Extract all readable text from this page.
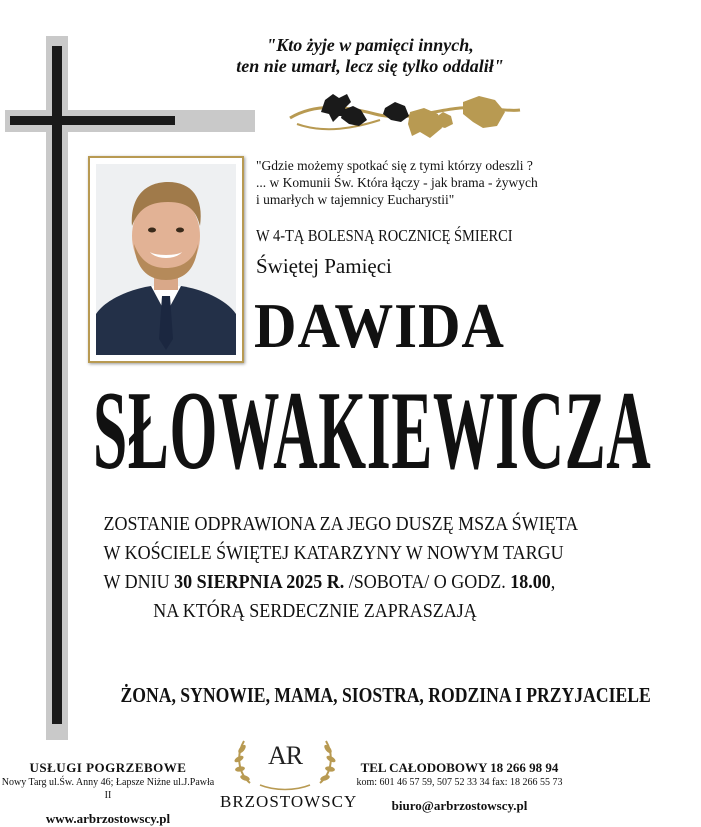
"Kto żyje w pamięci innych,
ten nie umarł, lecz się tylko oddalił"
"Gdzie możemy spotkać się z tymi którzy odeszli ?
... w Komunii Św. Która łączy - jak brama - żywych
i umarłych w tajemnicy Eucharystii"
W 4-TĄ BOLESNĄ ROCZNICĘ ŚMIERCI
Świętej Pamięci
DAWIDA
SŁOWAKIEWICZA
ZOSTANIE ODPRAWIONA ZA JEGO DUSZĘ MSZA ŚWIĘTA
W KOŚCIELE ŚWIĘTEJ KATARZYNY W NOWYM TARGU
W DNIU 30 SIERPNIA 2025 R. /SOBOTA/ O GODZ. 18.00,
NA KTÓRĄ SERDECZNIE ZAPRASZAJĄ
ŻONA, SYNOWIE, MAMA, SIOSTRA, RODZINA I PRZYJACIELE
USŁUGI POGRZEBOWE
Nowy Targ ul.Św. Anny 46; Łapsze Niżne ul.J.Pawła II
www.arbrzostowscy.pl
AR
BRZOSTOWSCY
TEL CAŁODOBOWY 18 266 98 94
kom: 601 46 57 59, 507 52 33 34 fax: 18 266 55 73
biuro@arbrzostowscy.pl
